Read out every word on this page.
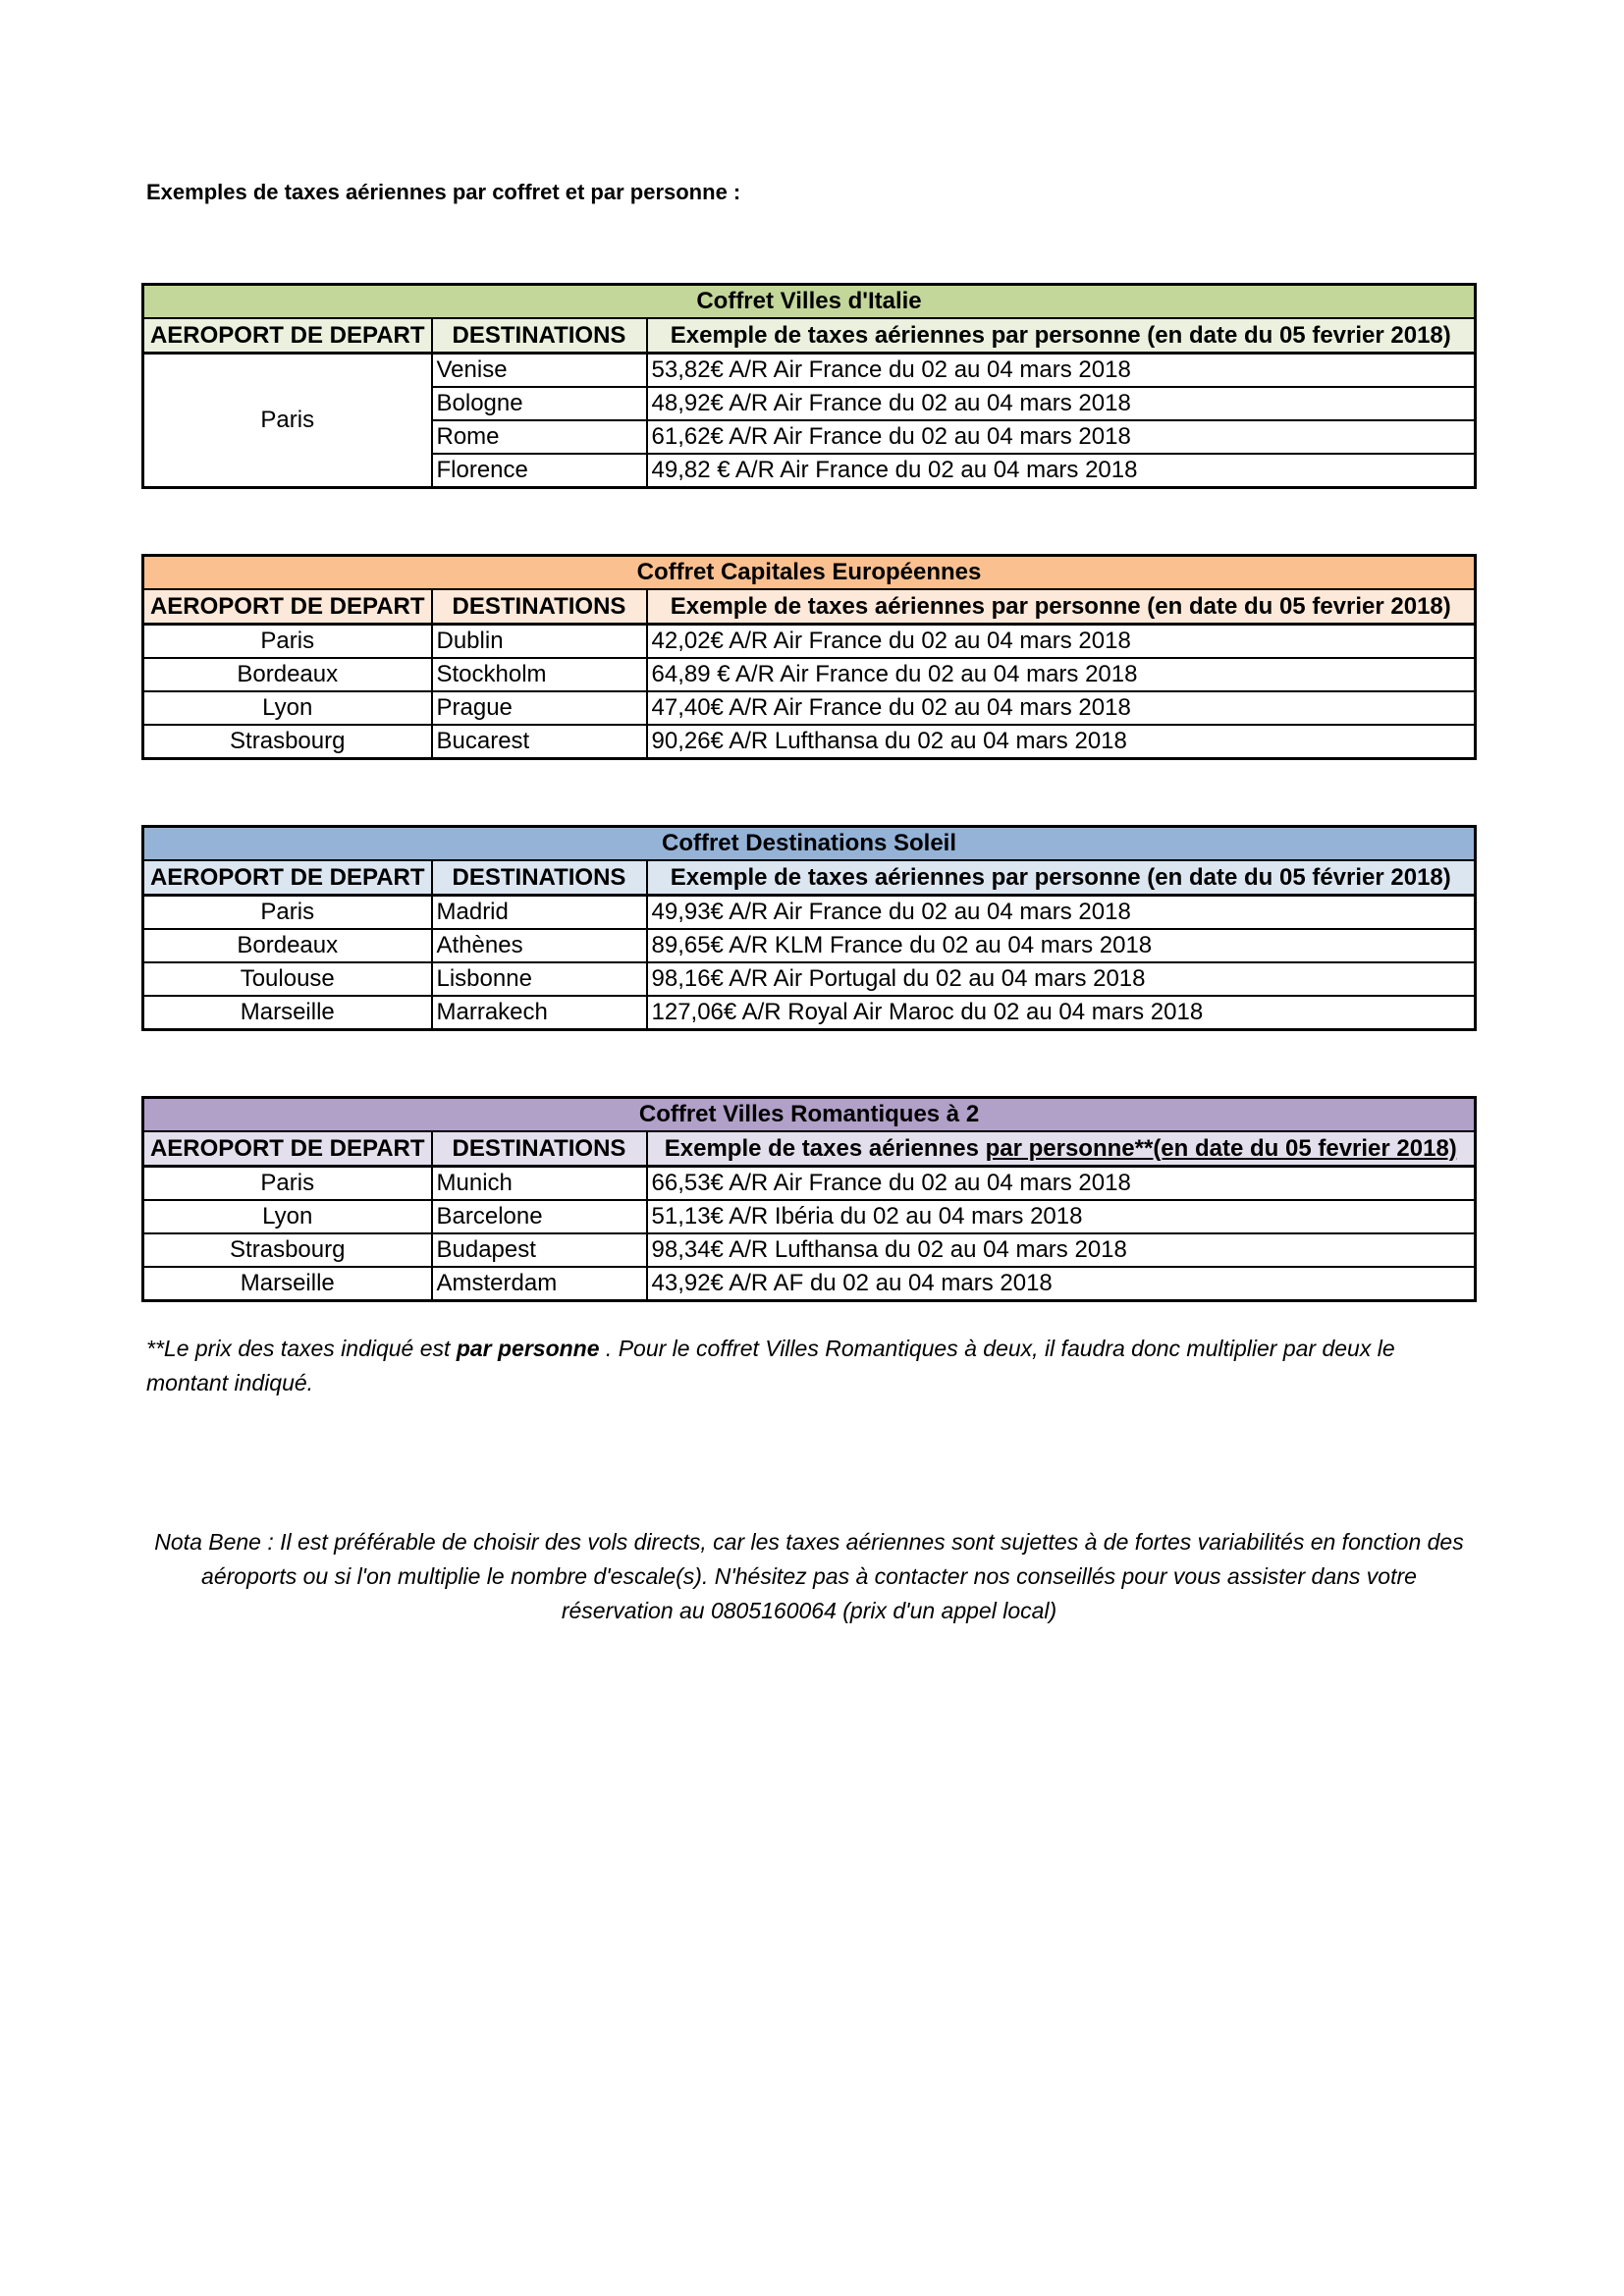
Exemples de taxes aériennes par coffret et par personne :
Coffret Villes d'Italie		
AEROPORT DE DEPART	DESTINATIONS	Exemple de taxes aériennes par personne (en date du 05 fevrier 2018)
Paris	Venise	53,82€ A/R Air France du 02 au 04 mars 2018
	Bologne	48,92€ A/R Air France du 02 au 04 mars 2018
	Rome	61,62€ A/R Air France du 02 au 04 mars 2018
	Florence	49,82 € A/R Air France du 02 au 04 mars 2018
Coffret Capitales Européennes		
AEROPORT DE DEPART	DESTINATIONS	Exemple de taxes aériennes par personne (en date du 05 fevrier 2018)
Paris	Dublin	42,02€ A/R Air France du 02 au 04 mars 2018
Bordeaux	Stockholm	64,89 € A/R Air France du 02 au 04 mars 2018
Lyon	Prague	47,40€ A/R Air France du 02 au 04 mars 2018
Strasbourg	Bucarest	90,26€ A/R Lufthansa du 02 au 04 mars 2018
Coffret Destinations Soleil		
AEROPORT DE DEPART	DESTINATIONS	Exemple de taxes aériennes par personne (en date du 05 février 2018)
Paris	Madrid	49,93€ A/R Air France du 02 au 04 mars 2018
Bordeaux	Athènes	89,65€ A/R KLM France du 02 au 04 mars 2018
Toulouse	Lisbonne	98,16€ A/R Air Portugal du 02 au 04 mars 2018
Marseille	Marrakech	127,06€ A/R Royal Air Maroc du 02 au 04 mars 2018
Coffret Villes Romantiques à 2		
AEROPORT DE DEPART	DESTINATIONS	Exemple de taxes aériennes par personne**(en date du 05 fevrier 2018)
Paris	Munich	66,53€ A/R Air France du 02 au 04 mars 2018
Lyon	Barcelone	51,13€ A/R Ibéria du 02 au 04 mars 2018
Strasbourg	Budapest	98,34€ A/R Lufthansa du 02 au 04 mars 2018
Marseille	Amsterdam	43,92€ A/R AF du 02 au 04 mars 2018
**Le prix des taxes indiqué est par personne . Pour le coffret Villes Romantiques à deux, il faudra donc multiplier par deux le montant indiqué.
Nota Bene : Il est préférable de choisir des vols directs, car les taxes aériennes sont sujettes à de fortes variabilités en fonction des aéroports ou si l'on multiplie le nombre d'escale(s). N'hésitez pas à contacter nos conseillés pour vous assister dans votre réservation au 0805160064 (prix d'un appel local)
